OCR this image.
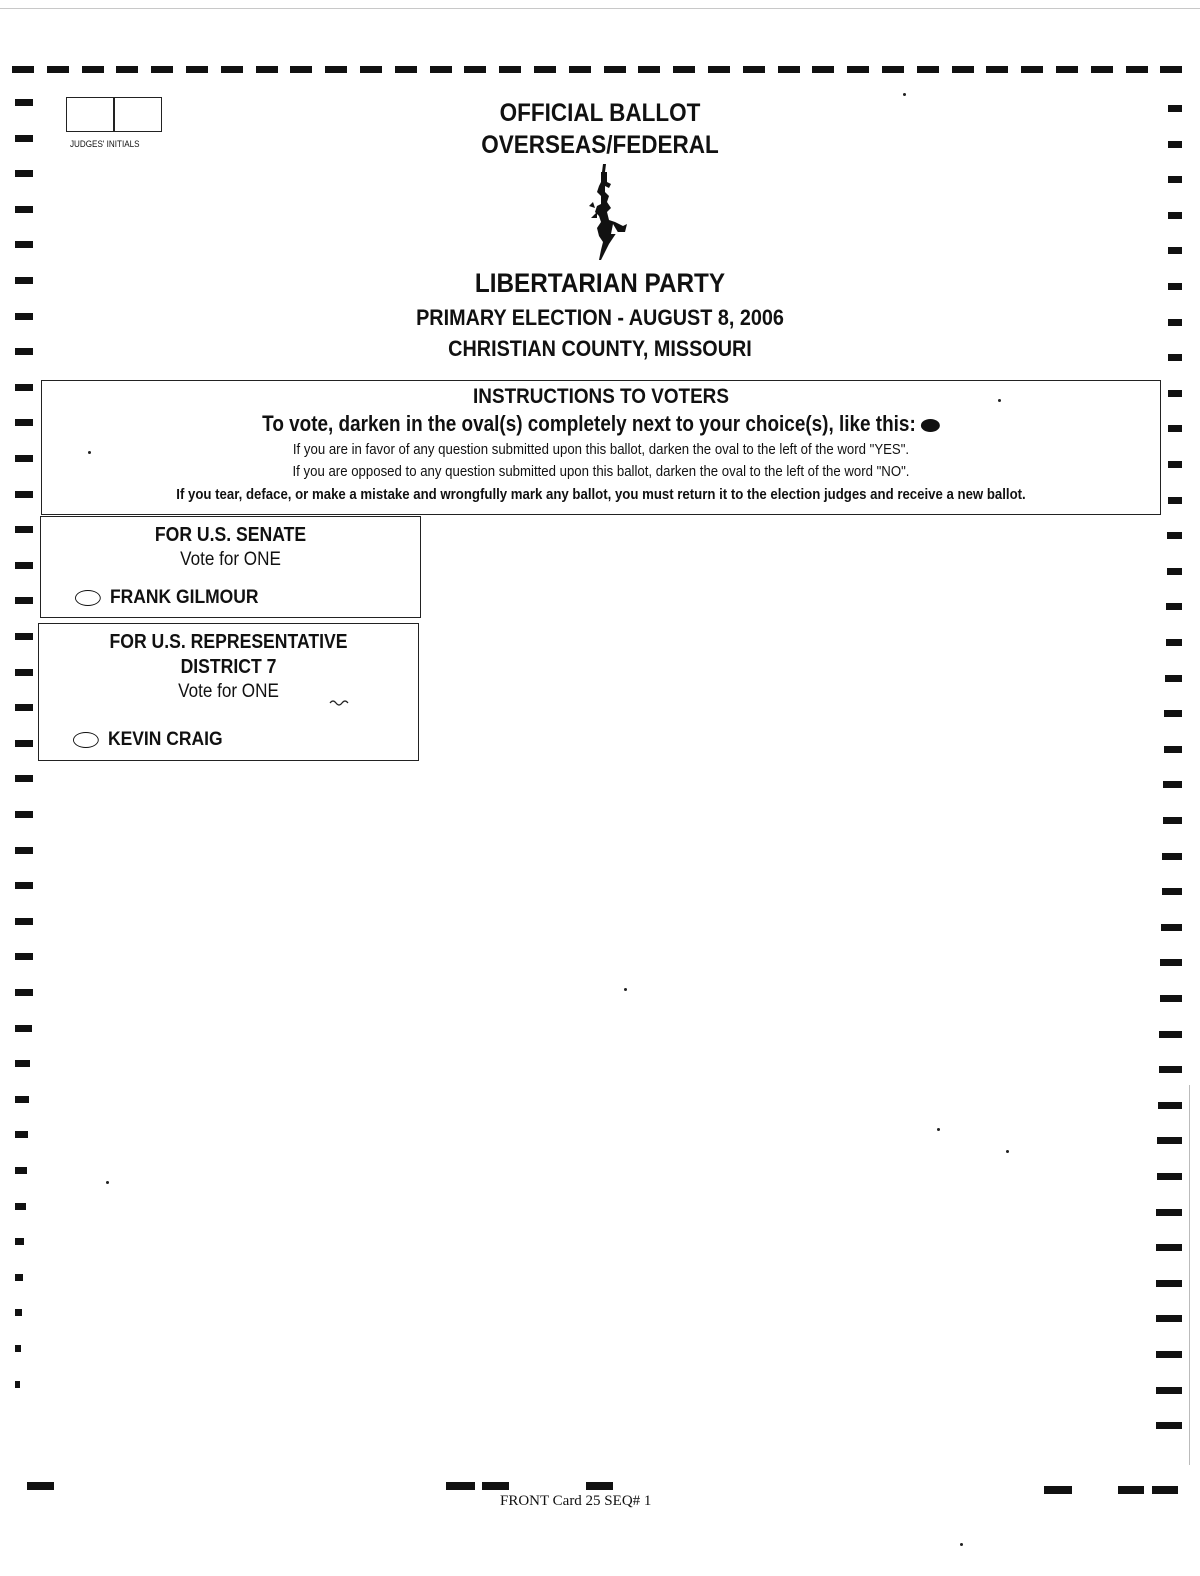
JUDGES' INITIALS
OFFICIAL BALLOT
OVERSEAS/FEDERAL
LIBERTARIAN PARTY
PRIMARY ELECTION - AUGUST 8, 2006
CHRISTIAN COUNTY, MISSOURI
INSTRUCTIONS TO VOTERS
To vote, darken in the oval(s) completely next to your choice(s), like this:
If you are in favor of any question submitted upon this ballot, darken the oval to the left of the word "YES".
If you are opposed to any question submitted upon this ballot, darken the oval to the left of the word "NO".
If you tear, deface, or make a mistake and wrongfully mark any ballot, you must return it to the election judges and receive a new ballot.
FOR U.S. SENATE
Vote for ONE
FRANK GILMOUR
FOR U.S. REPRESENTATIVE
DISTRICT 7
Vote for ONE
KEVIN CRAIG
FRONT Card 25 SEQ# 1
